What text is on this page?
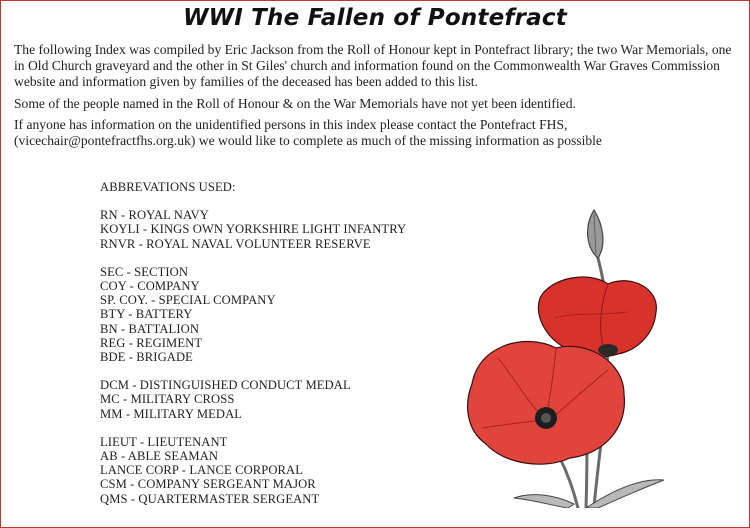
WWI The Fallen of Pontefract

The following Index was compiled by Eric Jackson from the Roll of Honour kept in Pontefract library; the two War Memorials, one in Old Church graveyard and the other in St Giles' church and information found on the Commonwealth War Graves Commission website and information given by families of the deceased has been added to this list.

Some of the people named in the Roll of Honour & on the War Memorials have not yet been identified.

If anyone has information on the unidentified persons in this index please contact the Pontefract FHS, (vicechair@pontefractfhs.org.uk) we would like to complete as much of the missing information as possible

ABBREVATIONS USED:
RN - ROYAL NAVY
KOYLI - KINGS OWN YORKSHIRE LIGHT INFANTRY
RNVR - ROYAL NAVAL VOLUNTEER RESERVE
SEC - SECTION
COY - COMPANY
SP. COY. - SPECIAL COMPANY
BTY - BATTERY
BN - BATTALION
REG - REGIMENT
BDE - BRIGADE
DCM - DISTINGUISHED CONDUCT MEDAL
MC - MILITARY CROSS
MM - MILITARY MEDAL
LIEUT - LIEUTENANT
AB - ABLE SEAMAN
LANCE CORP - LANCE CORPORAL
CSM - COMPANY SERGEANT MAJOR
QMS - QUARTERMASTER SERGEANT
